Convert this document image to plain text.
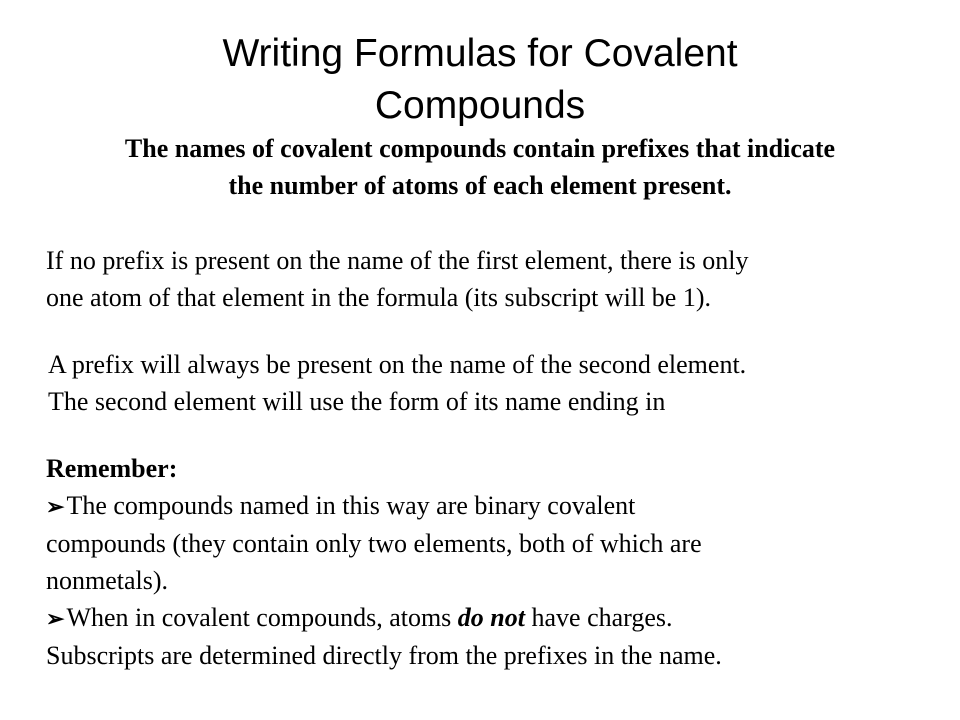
Writing Formulas for Covalent
Compounds
The names of covalent compounds contain prefixes that indicate
the number of atoms of each element present.
If no prefix is present on the name of the first element, there is only
one atom of that element in the formula (its subscript will be 1).
A prefix will always be present on the name of the second element.
The second element will use the form of its name ending in
Remember:
➢The compounds named in this way are binary covalent
compounds (they contain only two elements, both of which are
nonmetals).
➢When in covalent compounds, atoms do not have charges.
Subscripts are determined directly from the prefixes in the name.
